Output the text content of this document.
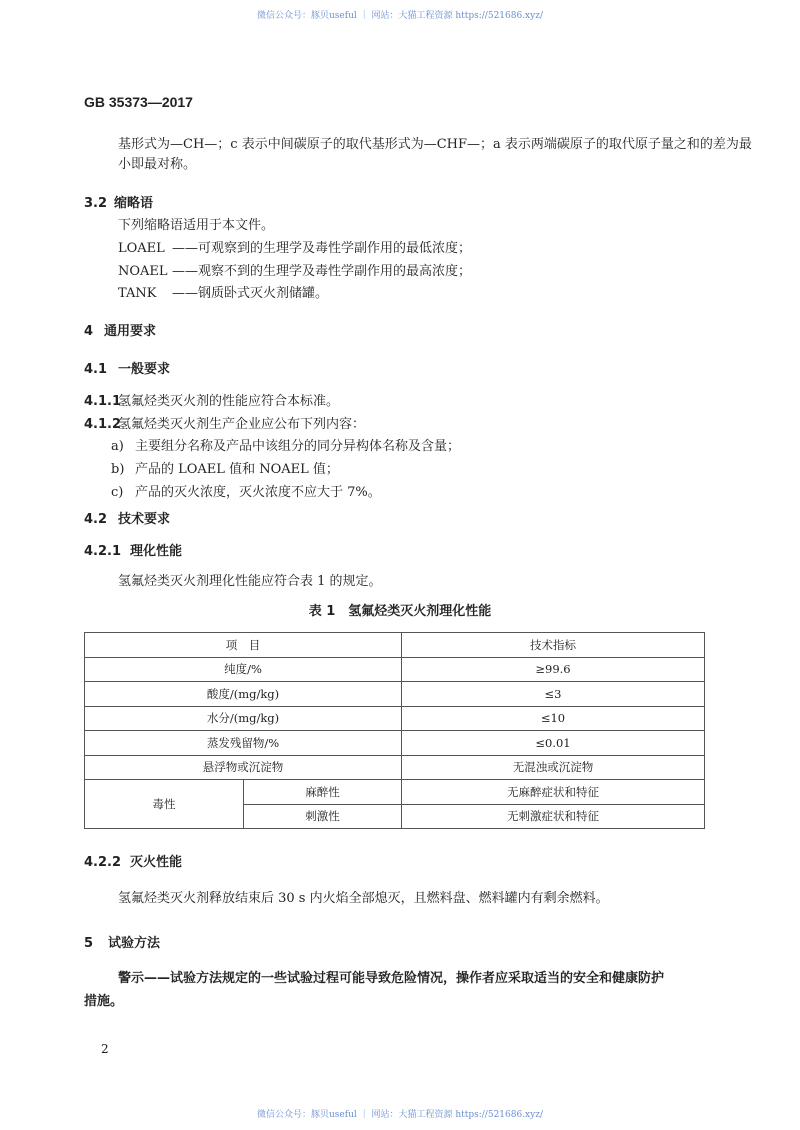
微信公众号：豚贝useful ｜ 网站：大猫工程资源 https://521686.xyz/
GB 35373—2017
基形式为—CH—；c 表示中间碳原子的取代基形式为—CHF—；a 表示两端碳原子的取代原子量之和的差为最
小即最对称。
3.2 缩略语
下列缩略语适用于本文件。
LOAEL ——可观察到的生理学及毒性学副作用的最低浓度；
NOAEL ——观察不到的生理学及毒性学副作用的最高浓度；
TANK ——钢质卧式灭火剂储罐。
4 通用要求
4.1 一般要求
4.1.1氢氟烃类灭火剂的性能应符合本标准。
4.1.2氢氟烃类灭火剂生产企业应公布下列内容：
a) 主要组分名称及产品中该组分的同分异构体名称及含量；
b) 产品的 LOAEL 值和 NOAEL 值；
c) 产品的灭火浓度，灭火浓度不应大于 7%。
4.2 技术要求
4.2.1 理化性能
氢氟烃类灭火剂理化性能应符合表 1 的规定。
表 1　氢氟烃类灭火剂理化性能
项　目		技术指标
纯度/%		≥99.6
酸度/(mg/kg)		≤3
水分/(mg/kg)		≤10
蒸发残留物/%		≤0.01
悬浮物或沉淀物		无混浊或沉淀物
毒性	麻醉性	无麻醉症状和特征
	刺激性	无刺激症状和特征
4.2.2 灭火性能
氢氟烃类灭火剂释放结束后 30 s 内火焰全部熄灭，且燃料盘、燃料罐内有剩余燃料。
5 试验方法
警示——试验方法规定的一些试验过程可能导致危险情况，操作者应采取适当的安全和健康防护
措施。
2
微信公众号：豚贝useful ｜ 网站：大猫工程资源 https://521686.xyz/
